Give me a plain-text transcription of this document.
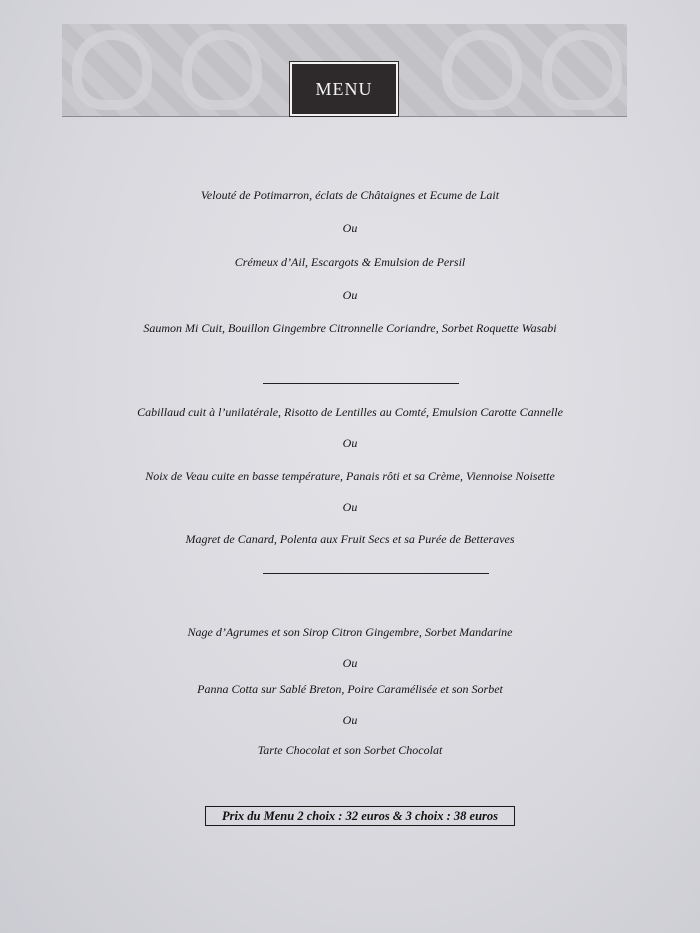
MENU
Velouté de Potimarron, éclats de Châtaignes et Ecume de Lait
Ou
Crémeux d’Ail, Escargots & Emulsion de Persil
Ou
Saumon Mi Cuit, Bouillon Gingembre Citronnelle Coriandre, Sorbet Roquette Wasabi
Cabillaud cuit à l’unilatérale, Risotto de Lentilles au Comté, Emulsion Carotte Cannelle
Ou
Noix de Veau cuite en basse température, Panais rôti et sa Crème, Viennoise Noisette
Ou
Magret de Canard, Polenta aux Fruit Secs et sa Purée de Betteraves
Nage d’Agrumes et son Sirop Citron Gingembre, Sorbet Mandarine
Ou
Panna Cotta sur Sablé Breton, Poire Caramélisée et son Sorbet
Ou
Tarte Chocolat et son Sorbet Chocolat
Prix du Menu 2 choix : 32 euros & 3 choix : 38 euros
